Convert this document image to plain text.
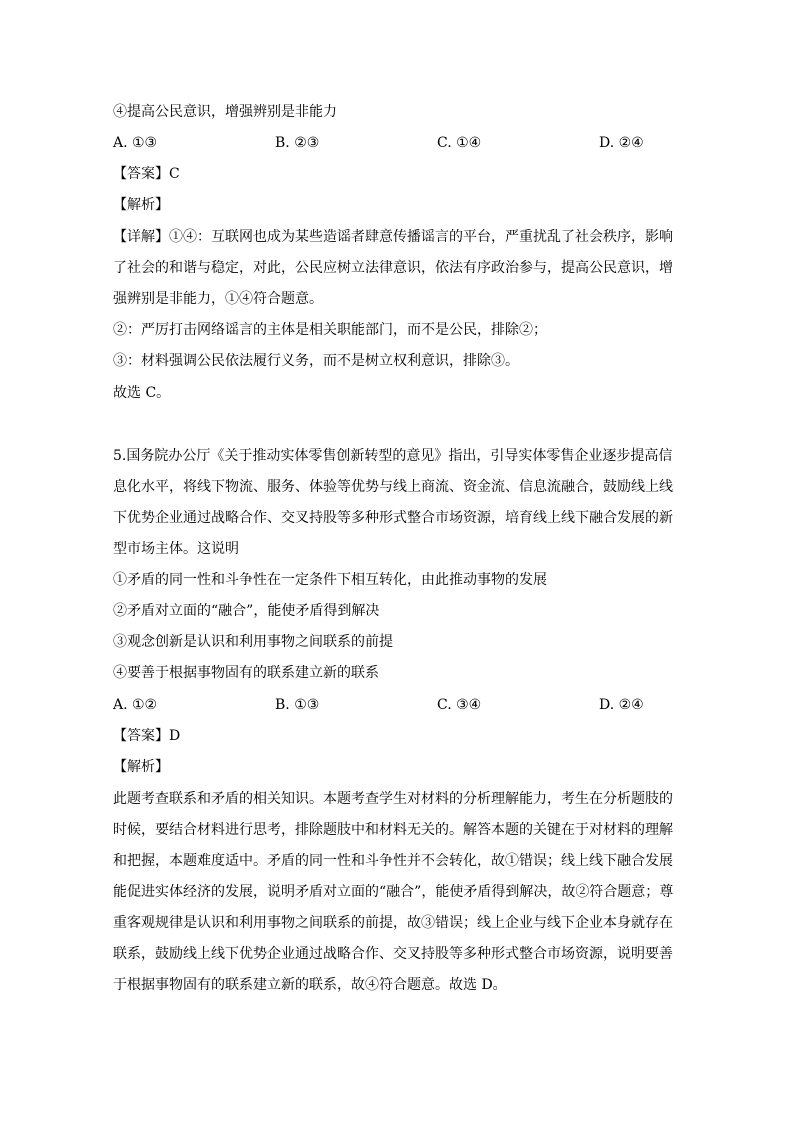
④提高公民意识，增强辨别是非能力
A. ①③	B. ②③	C. ①④	D. ②④
【答案】C
【解析】
【详解】①④：互联网也成为某些造谣者肆意传播谣言的平台，严重扰乱了社会秩序，影响
了社会的和谐与稳定，对此，公民应树立法律意识，依法有序政治参与，提高公民意识，增
强辨别是非能力，①④符合题意。
②：严厉打击网络谣言的主体是相关职能部门，而不是公民，排除②；
③：材料强调公民依法履行义务，而不是树立权利意识，排除③。
故选 C。
5.国务院办公厅《关于推动实体零售创新转型的意见》指出，引导实体零售企业逐步提高信
息化水平，将线下物流、服务、体验等优势与线上商流、资金流、信息流融合，鼓励线上线
下优势企业通过战略合作、交叉持股等多种形式整合市场资源，培育线上线下融合发展的新
型市场主体。这说明
①矛盾的同一性和斗争性在一定条件下相互转化，由此推动事物的发展
②矛盾对立面的“融合”，能使矛盾得到解决
③观念创新是认识和利用事物之间联系的前提
④要善于根据事物固有的联系建立新的联系
A. ①②	B. ①③	C. ③④	D. ②④
【答案】D
【解析】
此题考查联系和矛盾的相关知识。本题考查学生对材料的分析理解能力，考生在分析题肢的
时候，要结合材料进行思考，排除题肢中和材料无关的。解答本题的关键在于对材料的理解
和把握，本题难度适中。矛盾的同一性和斗争性并不会转化，故①错误；线上线下融合发展
能促进实体经济的发展，说明矛盾对立面的“融合”，能使矛盾得到解决，故②符合题意；尊
重客观规律是认识和利用事物之间联系的前提，故③错误；线上企业与线下企业本身就存在
联系，鼓励线上线下优势企业通过战略合作、交叉持股等多种形式整合市场资源，说明要善
于根据事物固有的联系建立新的联系，故④符合题意。故选 D。
